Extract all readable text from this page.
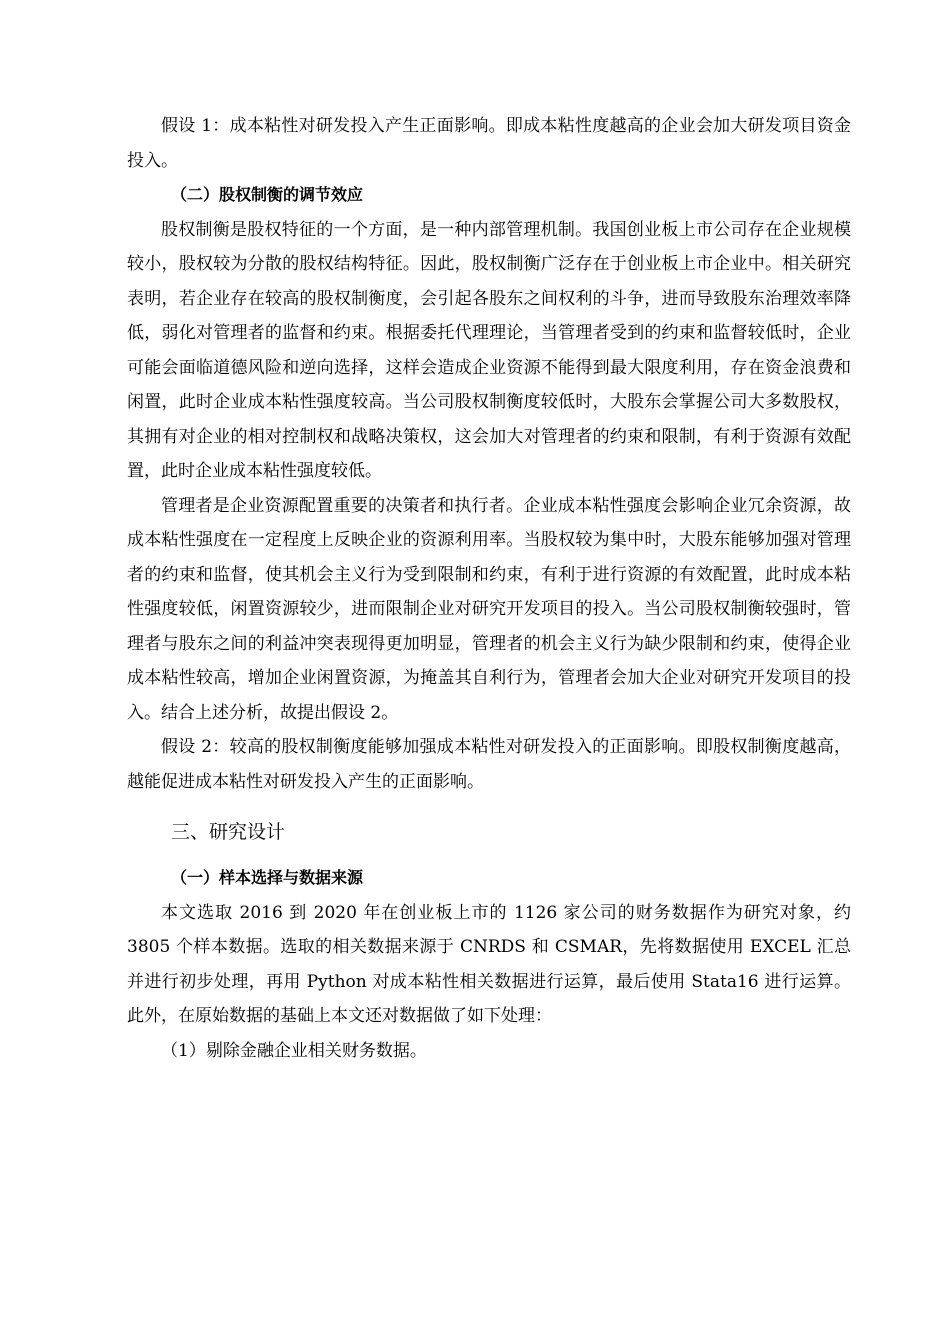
假设 1：成本粘性对研发投入产生正面影响。即成本粘性度越高的企业会加大研发项目资金投入。

（二）股权制衡的调节效应

股权制衡是股权特征的一个方面，是一种内部管理机制。我国创业板上市公司存在企业规模较小，股权较为分散的股权结构特征。因此，股权制衡广泛存在于创业板上市企业中。相关研究表明，若企业存在较高的股权制衡度，会引起各股东之间权利的斗争，进而导致股东治理效率降低，弱化对管理者的监督和约束。根据委托代理理论，当管理者受到的约束和监督较低时，企业可能会面临道德风险和逆向选择，这样会造成企业资源不能得到最大限度利用，存在资金浪费和闲置，此时企业成本粘性强度较高。当公司股权制衡度较低时，大股东会掌握公司大多数股权，其拥有对企业的相对控制权和战略决策权，这会加大对管理者的约束和限制，有利于资源有效配置，此时企业成本粘性强度较低。

管理者是企业资源配置重要的决策者和执行者。企业成本粘性强度会影响企业冗余资源，故成本粘性强度在一定程度上反映企业的资源利用率。当股权较为集中时，大股东能够加强对管理者的约束和监督，使其机会主义行为受到限制和约束，有利于进行资源的有效配置，此时成本粘性强度较低，闲置资源较少，进而限制企业对研究开发项目的投入。当公司股权制衡较强时，管理者与股东之间的利益冲突表现得更加明显，管理者的机会主义行为缺少限制和约束，使得企业成本粘性较高，增加企业闲置资源，为掩盖其自利行为，管理者会加大企业对研究开发项目的投入。结合上述分析，故提出假设 2。

假设 2：较高的股权制衡度能够加强成本粘性对研发投入的正面影响。即股权制衡度越高，越能促进成本粘性对研发投入产生的正面影响。

三、研究设计
（一）样本选择与数据来源

本文选取 2016 到 2020 年在创业板上市的 1126 家公司的财务数据作为研究对象，约 3805 个样本数据。选取的相关数据来源于 CNRDS 和 CSMAR，先将数据使用 EXCEL 汇总并进行初步处理，再用 Python 对成本粘性相关数据进行运算，最后使用 Stata16 进行运算。此外，在原始数据的基础上本文还对数据做了如下处理：

（1）剔除金融企业相关财务数据。
